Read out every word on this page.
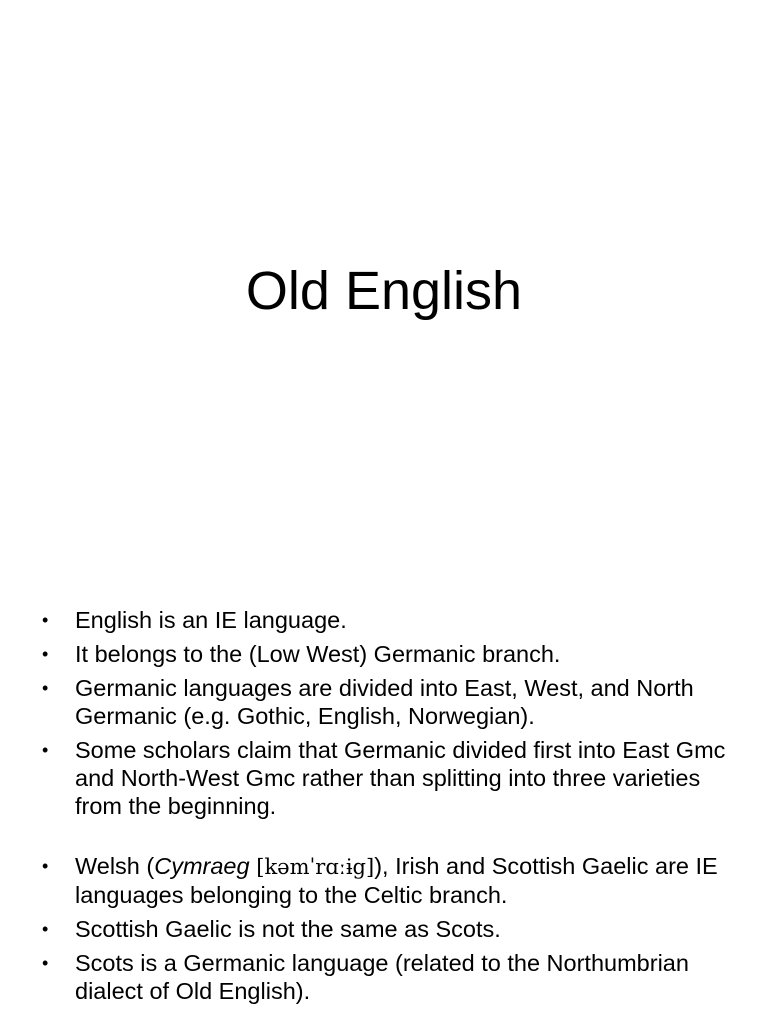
Old English
• English is an IE language.
• It belongs to the (Low West) Germanic branch.
• Germanic languages are divided into East, West, and North Germanic (e.g. Gothic, English, Norwegian).
• Some scholars claim that Germanic divided first into East Gmc and North-West Gmc rather than splitting into three varieties from the beginning.
• Welsh (Cymraeg [kəmˈrɑːɨg]), Irish and Scottish Gaelic are IE languages belonging to the Celtic branch.
• Scottish Gaelic is not the same as Scots.
• Scots is a Germanic language (related to the Northumbrian dialect of Old English).
